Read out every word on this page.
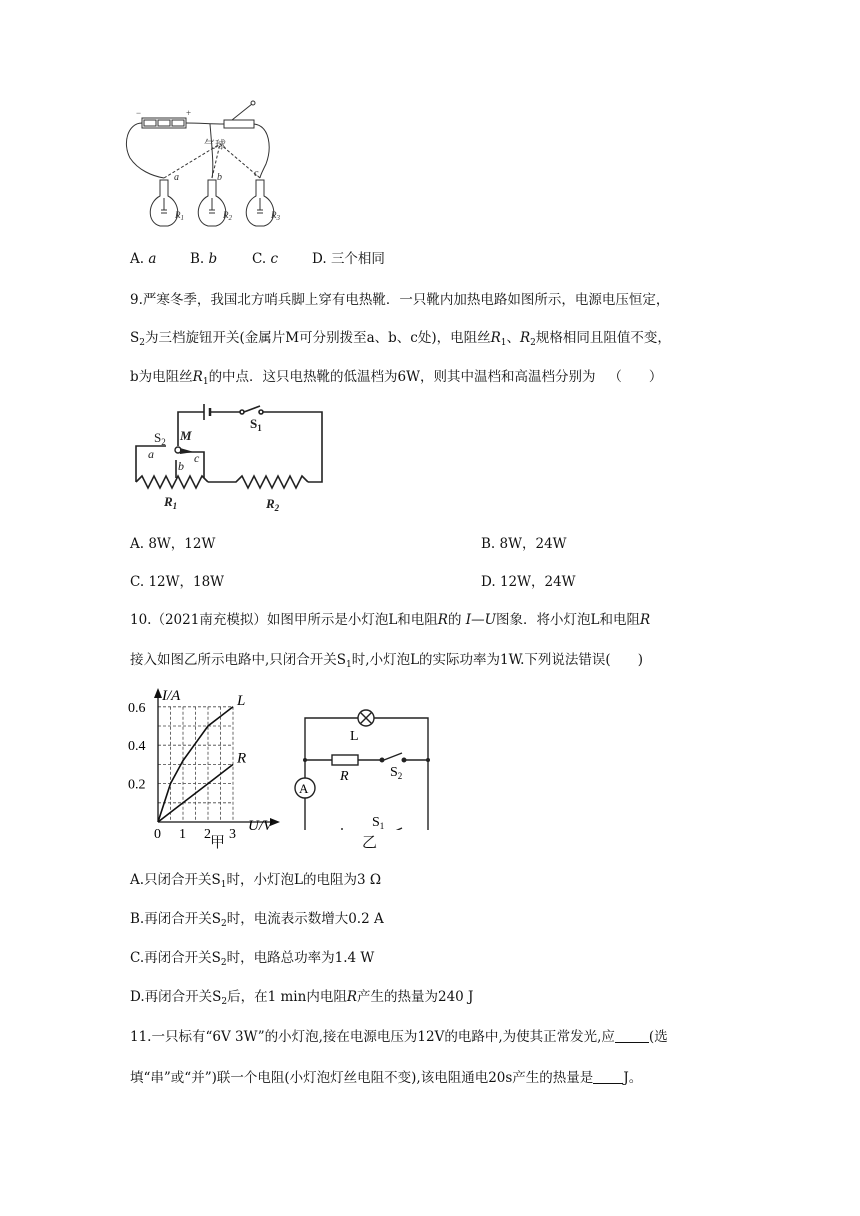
−	+
气球
a	b	c
$R_1$	$R_2$	$R_3$
A. a B. b	C. c	D. 三个相同
9.严寒冬季，我国北方哨兵脚上穿有电热靴．一只靴内加热电路如图所示，电源电压恒定，
$S_2$为三档旋钮开关(金属片M可分别拨至a、b、c处)，电阻丝$R_1$、$R_2$规格相同且阻值不变，
b为电阻丝$R_1$的中点．这只电热靴的低温档为6W，则其中温档和高温档分别为 （　　）
$S_2$ M
a
b
c
$S_1$
$R_1$	$R_2$
A. 8W，12W	B. 8W，24W
C. 12W，18W	D. 12W，24W
10.（2021南充模拟）如图甲所示是小灯泡L和电阻R的 I—U图象．将小灯泡L和电阻R
接入如图乙所示电路中,只闭合开关$S_1$时,小灯泡L的实际功率为1W.下列说法错误(　　)
L
R
0 1 2 3
0.2
0.4
0.6
I/A
U/V
甲
L
R
A
$S_2$
$S_1$
乙
A.只闭合开关$S_1$时，小灯泡L的电阻为3 Ω
B.再闭合开关$S_2$时，电流表示数增大0.2 A
C.再闭合开关$S_2$时，电路总功率为1.4 W
D.再闭合开关$S_2$后，在1 min内电阻R产生的热量为240 J
11.一只标有“6V 3W”的小灯泡,接在电源电压为12V的电路中,为使其正常发光,应	(选
填“串”或“并”)联一个电阻(小灯泡灯丝电阻不变),该电阻通电20s产生的热量是 J。
